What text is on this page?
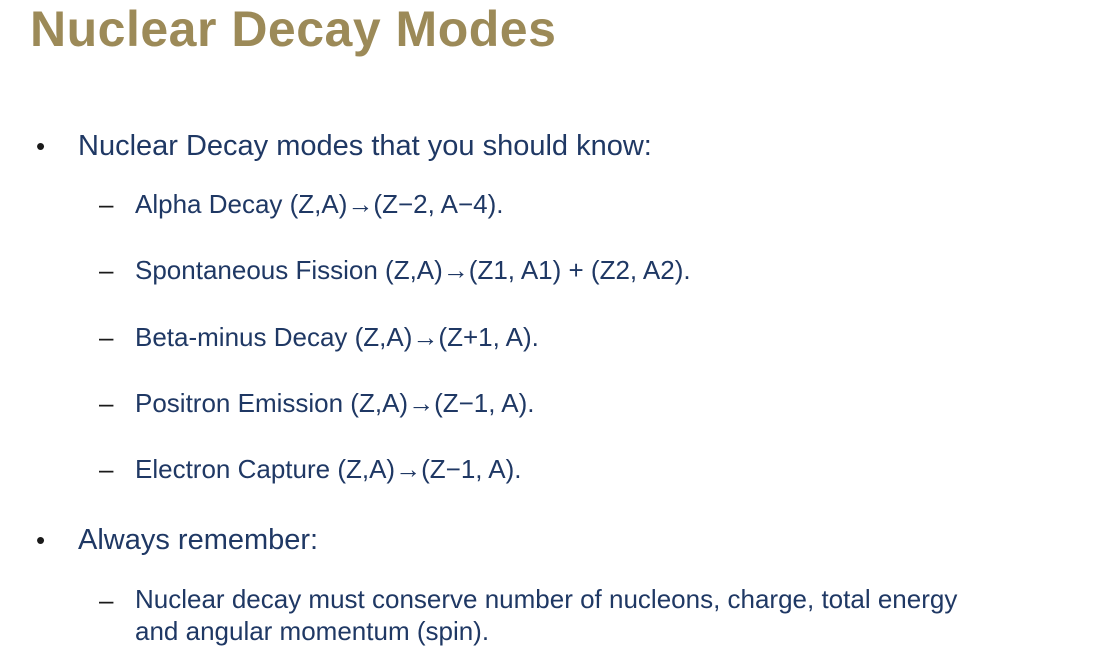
Nuclear Decay Modes
•	Nuclear Decay modes that you should know:
– Alpha Decay (Z,A)→(Z−2, A−4).
– Spontaneous Fission (Z,A)→(Z1, A1) + (Z2, A2).
– Beta-minus Decay (Z,A)→(Z+1, A).
– Positron Emission (Z,A)→(Z−1, A).
– Electron Capture (Z,A)→(Z−1, A).
•	Always remember:
– Nuclear decay must conserve number of nucleons, charge, total energy and angular momentum (spin).
